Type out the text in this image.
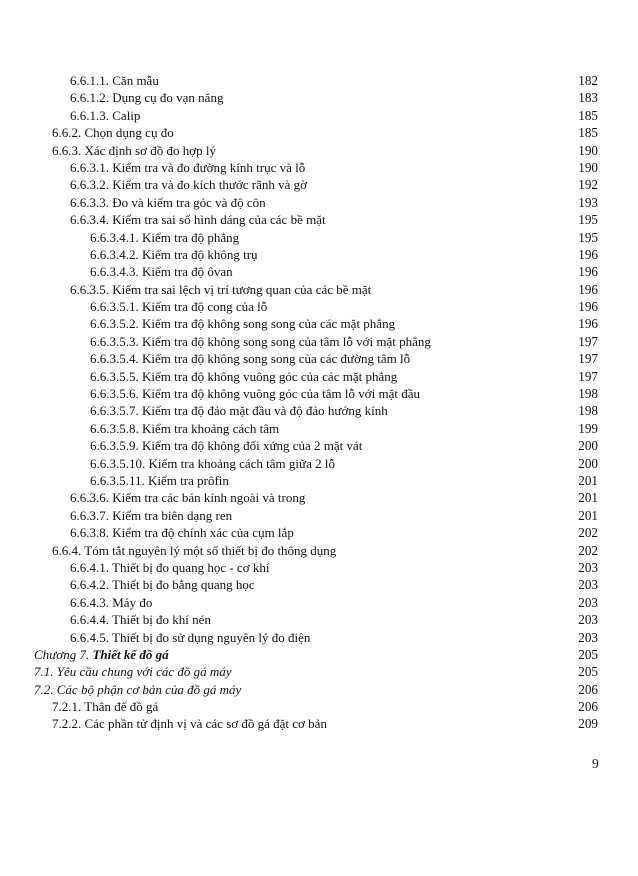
6.6.1.1. Căn mẫu	182
6.6.1.2. Dụng cụ đo vạn năng	183
6.6.1.3. Calip	185
6.6.2. Chọn dụng cụ đo	185
6.6.3. Xác định sơ đồ đo hợp lý	190
6.6.3.1. Kiểm tra và đo đường kính trục và lỗ	190
6.6.3.2. Kiểm tra và đo kích thước rãnh và gờ	192
6.6.3.3. Đo và kiểm tra góc và độ côn	193
6.6.3.4. Kiểm tra sai số hình dáng của các bề mặt	195
6.6.3.4.1. Kiểm tra độ phẳng	195
6.6.3.4.2. Kiểm tra độ không trụ	196
6.6.3.4.3. Kiểm tra độ ôvan	196
6.6.3.5. Kiểm tra sai lệch vị trí tương quan của các bề mặt	196
6.6.3.5.1. Kiểm tra độ cong của lỗ	196
6.6.3.5.2. Kiểm tra độ không song song của các mặt phẳng	196
6.6.3.5.3. Kiểm tra độ không song song của tâm lỗ với mặt phẳng	197
6.6.3.5.4. Kiểm tra độ không song song của các đường tâm lỗ	197
6.6.3.5.5. Kiểm tra độ không vuông góc của các mặt phẳng	197
6.6.3.5.6. Kiểm tra độ không vuông góc của tâm lỗ với mặt đầu	198
6.6.3.5.7. Kiểm tra độ đảo mặt đầu và độ đảo hướng kính	198
6.6.3.5.8. Kiểm tra khoảng cách tâm	199
6.6.3.5.9. Kiểm tra độ không đối xứng của 2 mặt vát	200
6.6.3.5.10. Kiểm tra khoảng cách tâm giữa 2 lỗ	200
6.6.3.5.11. Kiểm tra prôfin	201
6.6.3.6. Kiểm tra các bán kính ngoài và trong	201
6.6.3.7. Kiểm tra biên dạng ren	201
6.6.3.8. Kiểm tra độ chính xác của cụm lắp	202
6.6.4. Tóm tắt nguyên lý một số thiết bị đo thông dụng	202
6.6.4.1. Thiết bị đo quang học - cơ khí	203
6.6.4.2. Thiết bị đo bằng quang học	203
6.6.4.3. Máy đo	203
6.6.4.4. Thiết bị đo khí nén	203
6.6.4.5. Thiết bị đo sử dụng nguyên lý đo điện	203
Chương 7. Thiết kế đồ gá	205
7.1. Yêu cầu chung với các đồ gá máy	205
7.2. Các bộ phận cơ bản của đồ gá máy	206
7.2.1. Thân đế đồ gá	206
7.2.2. Các phần tử định vị và các sơ đồ gá đặt cơ bản	209
9
